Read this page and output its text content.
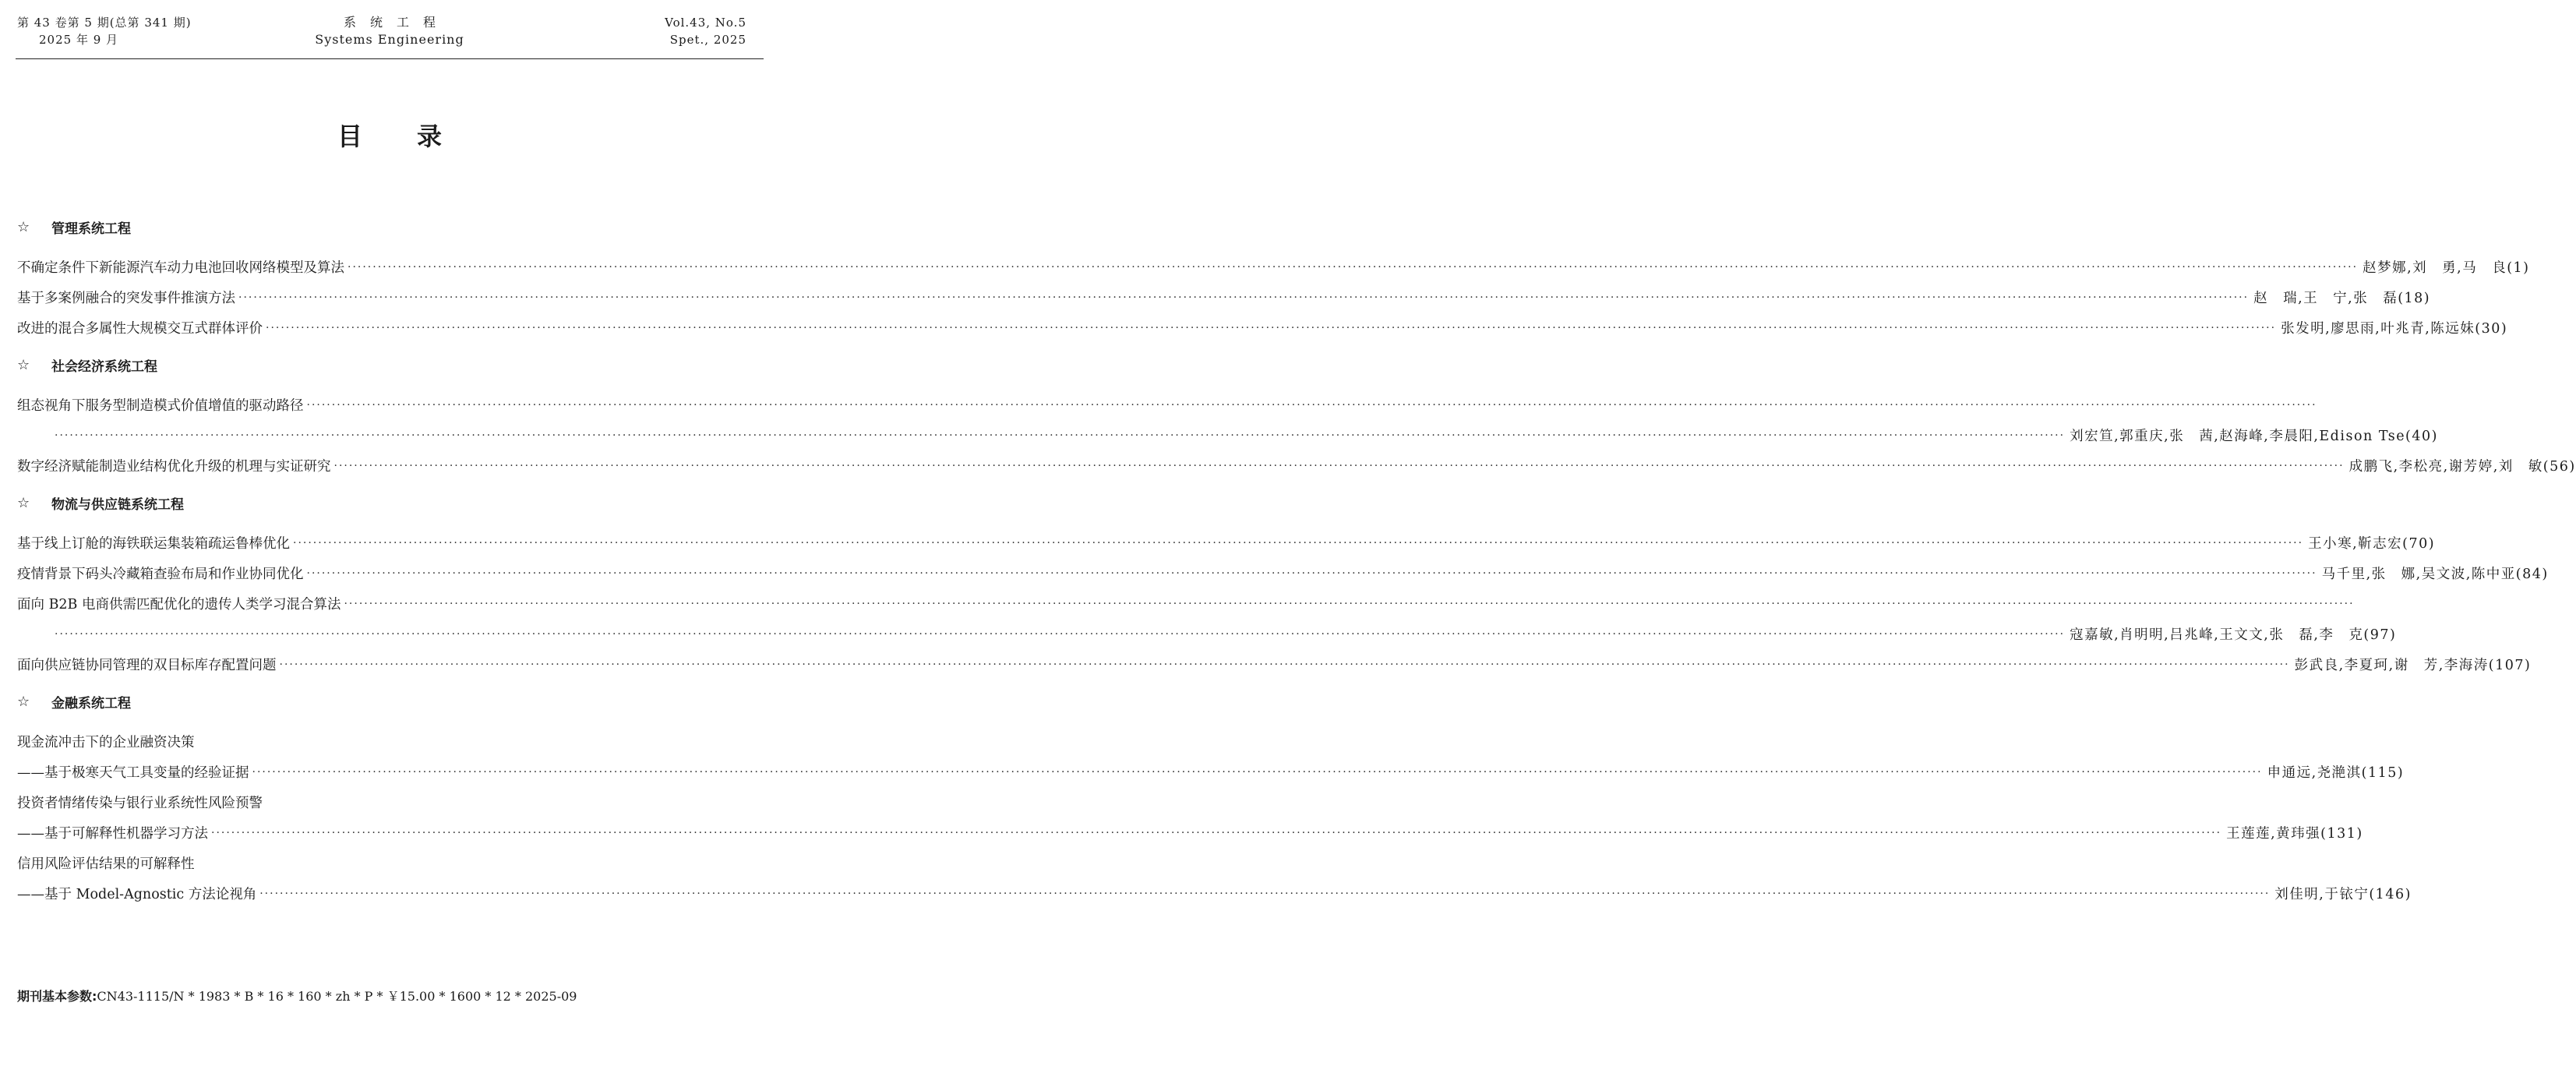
第 43 卷第 5 期(总第 341 期)
2025 年 9 月
系统工程
Systems Engineering
Vol.43, No.5
Spet., 2025
目录
☆	管理系统工程
不确定条件下新能源汽车动力电池回收网络模型及算法 ················································································································································································································································································································································································································ 赵梦娜,刘　勇,马　良(1)
基于多案例融合的突发事件推演方法 ················································································································································································································································································································································································································ 赵　瑞,王　宁,张　磊(18)
改进的混合多属性大规模交互式群体评价 ················································································································································································································································································································································································································ 张发明,廖思雨,叶兆青,陈远妹(30)
☆	社会经济系统工程
组态视角下服务型制造模式价值增值的驱动路径 ················································································································································································································································································································································································································
················································································································································································································································································································································································································ 刘宏笪,郭重庆,张　茜,赵海峰,李晨阳,Edison Tse(40)
数字经济赋能制造业结构优化升级的机理与实证研究 ················································································································································································································································································································································································································ 成鹏飞,李松亮,谢芳婷,刘　敏(56)
☆	物流与供应链系统工程
基于线上订舱的海铁联运集装箱疏运鲁棒优化 ················································································································································································································································································································································································································ 王小寒,靳志宏(70)
疫情背景下码头冷藏箱查验布局和作业协同优化 ················································································································································································································································································································································································································ 马千里,张　娜,吴文波,陈中亚(84)
面向 B2B 电商供需匹配优化的遗传人类学习混合算法 ················································································································································································································································································································································································································
················································································································································································································································································································································································································ 寇嘉敏,肖明明,吕兆峰,王文文,张　磊,李　克(97)
面向供应链协同管理的双目标库存配置问题 ················································································································································································································································································································································································································ 彭武良,李夏珂,谢　芳,李海涛(107)
☆	金融系统工程
现金流冲击下的企业融资决策
——基于极寒天气工具变量的经验证据 ················································································································································································································································································································································································································ 申通远,尧滟淇(115)
投资者情绪传染与银行业系统性风险预警
——基于可解释性机器学习方法 ················································································································································································································································································································································································································ 王莲莲,黄玮强(131)
信用风险评估结果的可解释性
——基于 Model-Agnostic 方法论视角 ················································································································································································································································································································································································································ 刘佳明,于铱宁(146)
期刊基本参数:CN43-1115/N * 1983 * B * 16 * 160 * zh * P * ￥15.00 * 1600 * 12 * 2025-09
